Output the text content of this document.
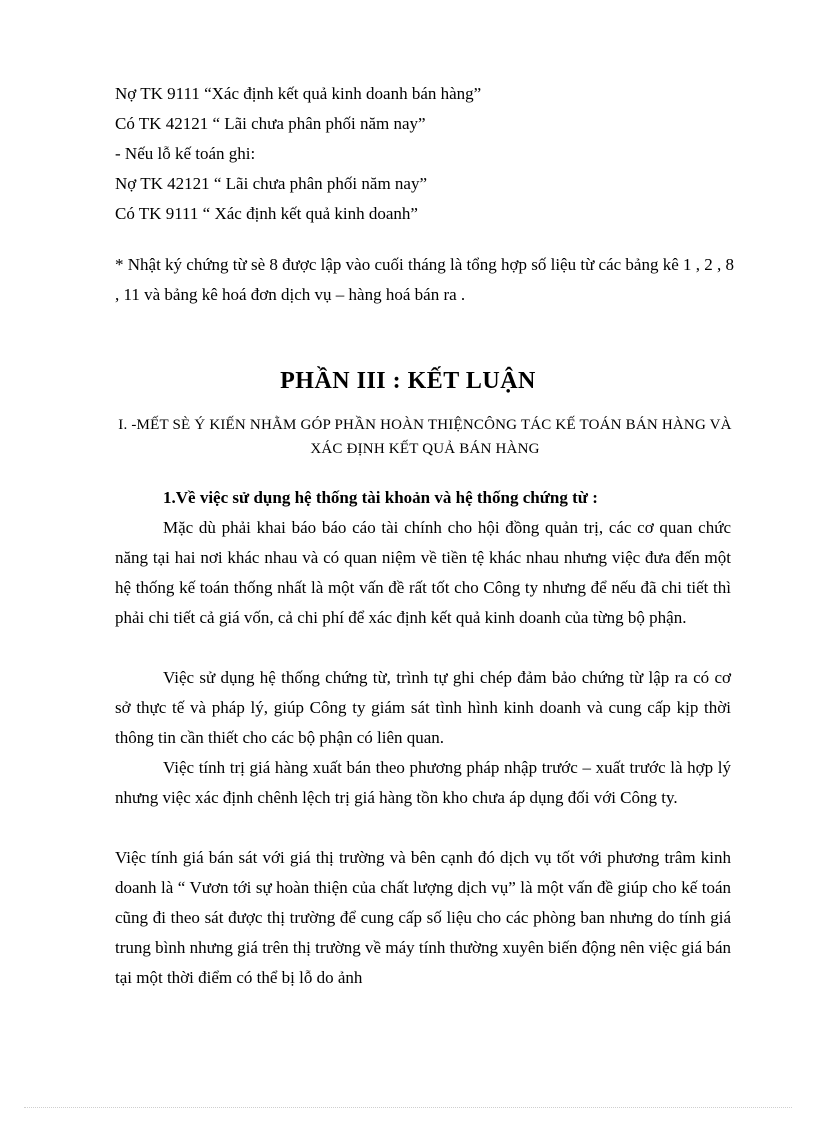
Nợ TK 9111 “Xác định kết quả kinh doanh bán hàng”
Có TK 42121 “ Lãi chưa phân phối năm nay”
- Nếu lỗ kế toán ghi:
Nợ TK 42121 “ Lãi chưa phân phối năm nay”
Có TK 9111 “ Xác định kết quả kinh doanh”
* Nhật ký chứng từ sè 8 được lập vào cuối tháng là tổng hợp số liệu từ các bảng kê 1 , 2 , 8 , 11 và bảng kê hoá đơn dịch vụ – hàng hoá bán ra .
PHẦN III : KẾT LUẬN
I. -MẾT SÈ Ý KIẾN NHẰM GÓP PHẦN HOÀN THIỆNCÔNG TÁC KẾ TOÁN BÁN HÀNG VÀ XÁC ĐỊNH KẾT QUẢ BÁN HÀNG
1.Về việc sử dụng hệ thống tài khoản và hệ thống chứng từ :
Mặc dù phải khai báo báo cáo tài chính cho hội đồng quản trị, các cơ quan chức năng tại hai nơi khác nhau và có quan niệm về tiền tệ khác nhau nhưng việc đưa đến một hệ thống kế toán thống nhất là một vấn đề rất tốt cho Công ty nhưng để nếu đã chi tiết thì phải chi tiết cả giá vốn, cả chi phí để xác định kết quả kinh doanh của từng bộ phận.
Việc sử dụng hệ thống chứng từ, trình tự ghi chép đảm bảo chứng từ lập ra có cơ sở thực tế và pháp lý, giúp Công ty giám sát tình hình kinh doanh và cung cấp kịp thời thông tin cần thiết cho các bộ phận có liên quan.
Việc tính trị giá hàng xuất bán theo phương pháp nhập trước – xuất trước là hợp lý nhưng việc xác định chênh lệch trị giá hàng tồn kho chưa áp dụng đối với Công ty.
Việc tính giá bán sát với giá thị trường và bên cạnh đó dịch vụ tốt với phương trâm kinh doanh là “ Vươn tới sự hoàn thiện của chất lượng dịch vụ” là một vấn đề giúp cho kế toán cũng đi theo sát được thị trường để cung cấp số liệu cho các phòng ban nhưng do tính giá trung bình nhưng giá trên thị trường về máy tính thường xuyên biến động nên việc giá bán tại một thời điểm có thể bị lỗ do ảnh
